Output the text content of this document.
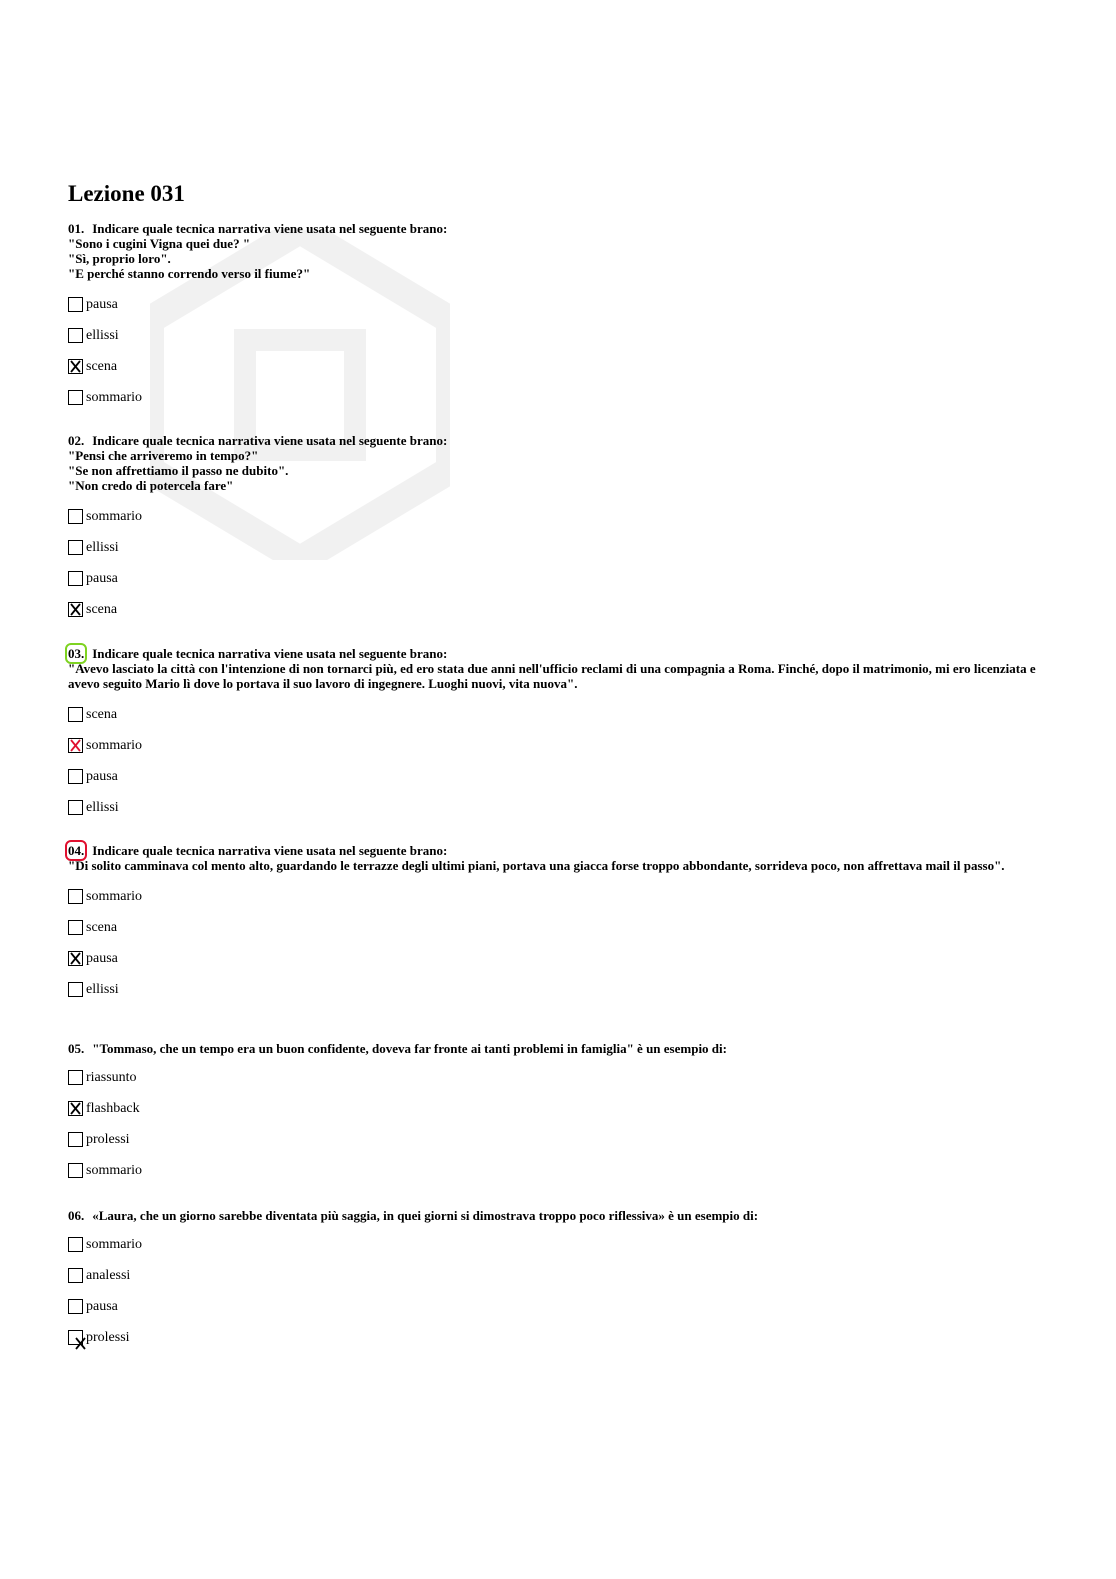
Lezione 031

01. Indicare quale tecnica narrativa viene usata nel seguente brano:
"Sono i cugini Vigna quei due? "
"Sì, proprio loro".
"E perché stanno correndo verso il fiume?"

pausa
ellissi
scena
sommario

02. Indicare quale tecnica narrativa viene usata nel seguente brano:
"Pensi che arriveremo in tempo?"
"Se non affrettiamo il passo ne dubito".
"Non credo di potercela fare"

sommario
ellissi
pausa
scena

03. Indicare quale tecnica narrativa viene usata nel seguente brano:
"Avevo lasciato la città con l'intenzione di non tornarci più, ed ero stata due anni nell'ufficio reclami di una compagnia a Roma. Finché, dopo il matrimonio, mi ero licenziata e avevo seguito Mario lì dove lo portava il suo lavoro di ingegnere. Luoghi nuovi, vita nuova".

scena
sommario
pausa
ellissi

04. Indicare quale tecnica narrativa viene usata nel seguente brano:
"Di solito camminava col mento alto, guardando le terrazze degli ultimi piani, portava una giacca forse troppo abbondante, sorrideva poco, non affrettava mail il passo".

sommario
scena
pausa
ellissi

05. "Tommaso, che un tempo era un buon confidente, doveva far fronte ai tanti problemi in famiglia" è un esempio di:

riassunto
flashback
prolessi
sommario

06. «Laura, che un giorno sarebbe diventata più saggia, in quei giorni si dimostrava troppo poco riflessiva» è un esempio di:

sommario
analessi
pausa
prolessi
